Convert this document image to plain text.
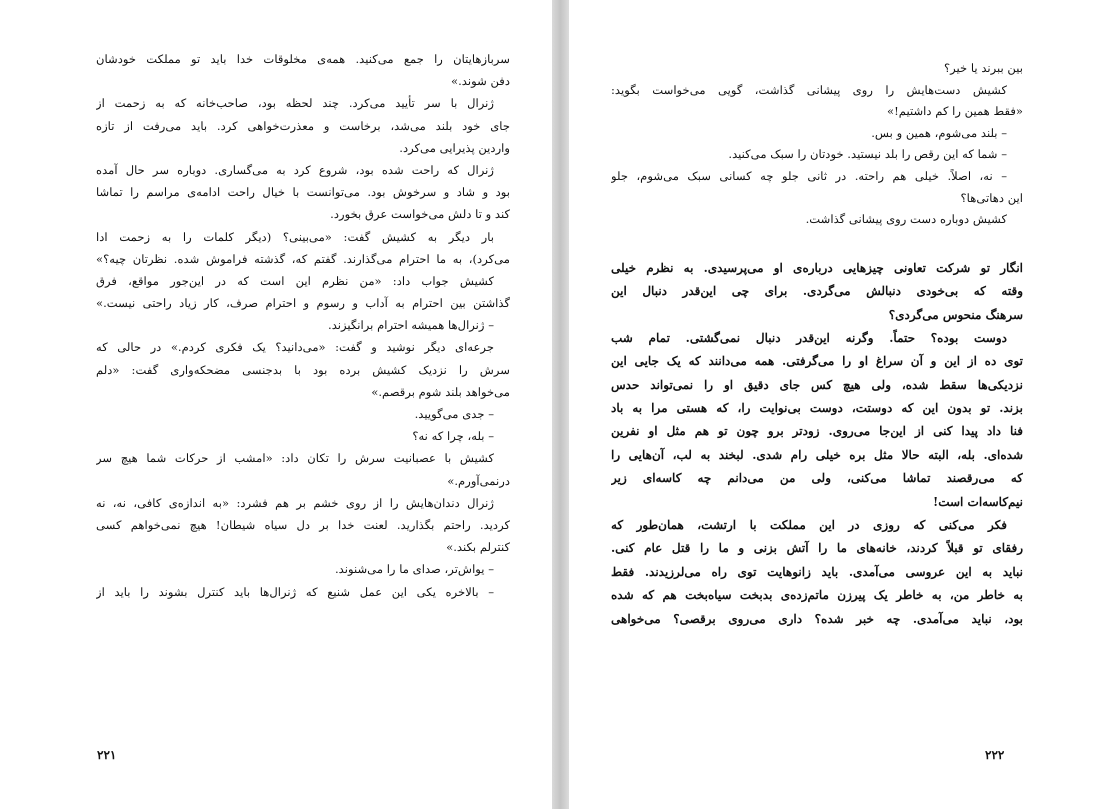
سربازهایتان را جمع می‌کنید. همه‌ی مخلوقات خدا باید تو مملکت خودشان
دفن شوند.»
ژنرال با سر تأیید می‌کرد. چند لحظه بود، صاحب‌خانه که به زحمت از
جای خود بلند می‌شد، برخاست و معذرت‌خواهی کرد. باید می‌رفت از تازه
واردین پذیرایی می‌کرد.
ژنرال که راحت شده بود، شروع کرد به می‌گساری. دوباره سر حال آمده
بود و شاد و سرخوش بود. می‌توانست با خیال راحت ادامه‌ی مراسم را تماشا
کند و تا دلش می‌خواست عرق بخورد.
بار دیگر به کشیش گفت: «می‌بینی؟ (دیگر کلمات را به زحمت ادا
می‌کرد)، به ما احترام می‌گذارند. گفتم که، گذشته فراموش شده. نظرتان چیه؟»
کشیش جواب داد: «من نظرم این است که در این‌جور مواقع، فرق
گذاشتن بین احترام به آداب و رسوم و احترام صرف، کار زیاد راحتی نیست.»
– ژنرال‌ها همیشه احترام برانگیزند.
جرعه‌ای دیگر نوشید و گفت: «می‌دانید؟ یک فکری کردم.» در حالی که
سرش را نزدیک کشیش برده بود با بدجنسی مضحکه‌واری گفت: «دلم
می‌خواهد بلند شوم برقصم.»
– جدی می‌گویید.
– بله، چرا که نه؟
کشیش با عصبانیت سرش را تکان داد: «امشب از حرکات شما هیچ سر
درنمی‌آورم.»
ژنرال دندان‌هایش را از روی خشم بر هم فشرد: «به اندازه‌ی کافی، نه، نه
کردید. راحتم بگذارید. لعنت خدا بر دل سیاه شیطان! هیچ نمی‌خواهم کسی
کنترلم بکند.»
– یواش‌تر، صدای ما را می‌شنوند.
– بالاخره یکی این عمل شنیع که ژنرال‌ها باید کنترل بشوند را باید از
۲۲۱
بین ببرند یا خیر؟
کشیش دست‌هایش را روی پیشانی گذاشت، گویی می‌خواست بگوید:
«فقط همین را کم داشتیم!»
– بلند می‌شوم، همین و بس.
– شما که این رقص را بلد نیستید. خودتان را سبک می‌کنید.
– نه، اصلاً. خیلی هم راحته. در ثانی جلو چه کسانی سبک می‌شوم، جلو
این دهاتی‌ها؟
کشیش دوباره دست روی پیشانی گذاشت.
انگار تو شرکت تعاونی چیزهایی درباره‌ی او می‌پرسیدی. به نظرم خیلی
وقته که بی‌خودی دنبالش می‌گردی. برای چی این‌قدر دنبال این
سرهنگ منحوس می‌گردی؟
دوست بوده؟ حتماً. وگرنه این‌قدر دنبال نمی‌گشتی. تمام شب
توی ده از این و آن سراغ او را می‌گرفتی. همه می‌دانند که یک جایی این
نزدیکی‌ها سقط شده، ولی هیچ کس جای دقیق او را نمی‌تواند حدس
بزند. تو بدون این که دوستت، دوست بی‌نوایت را، که هستی مرا به باد
فنا داد پیدا کنی از این‌جا می‌روی. زودتر برو چون تو هم مثل او نفرین
شده‌ای. بله، البته حالا مثل بره خیلی رام شدی. لبخند به لب، آن‌هایی را
که می‌رقصند تماشا می‌کنی، ولی من می‌دانم چه کاسه‌ای زیر
نیم‌کاسه‌ات است!
فکر می‌کنی که روزی در این مملکت با ارتشت، همان‌طور که
رفقای تو قبلاً کردند، خانه‌های ما را آتش بزنی و ما را قتل عام کنی.
نباید به این عروسی می‌آمدی. باید زانوهایت توی راه می‌لرزیدند. فقط
به خاطر من، به خاطر یک پیرزن ماتم‌زده‌ی بدبخت سیاه‌بخت هم که شده
بود، نباید می‌آمدی. چه خبر شده؟ داری می‌روی برقصی؟ می‌خواهی
۲۲۲
